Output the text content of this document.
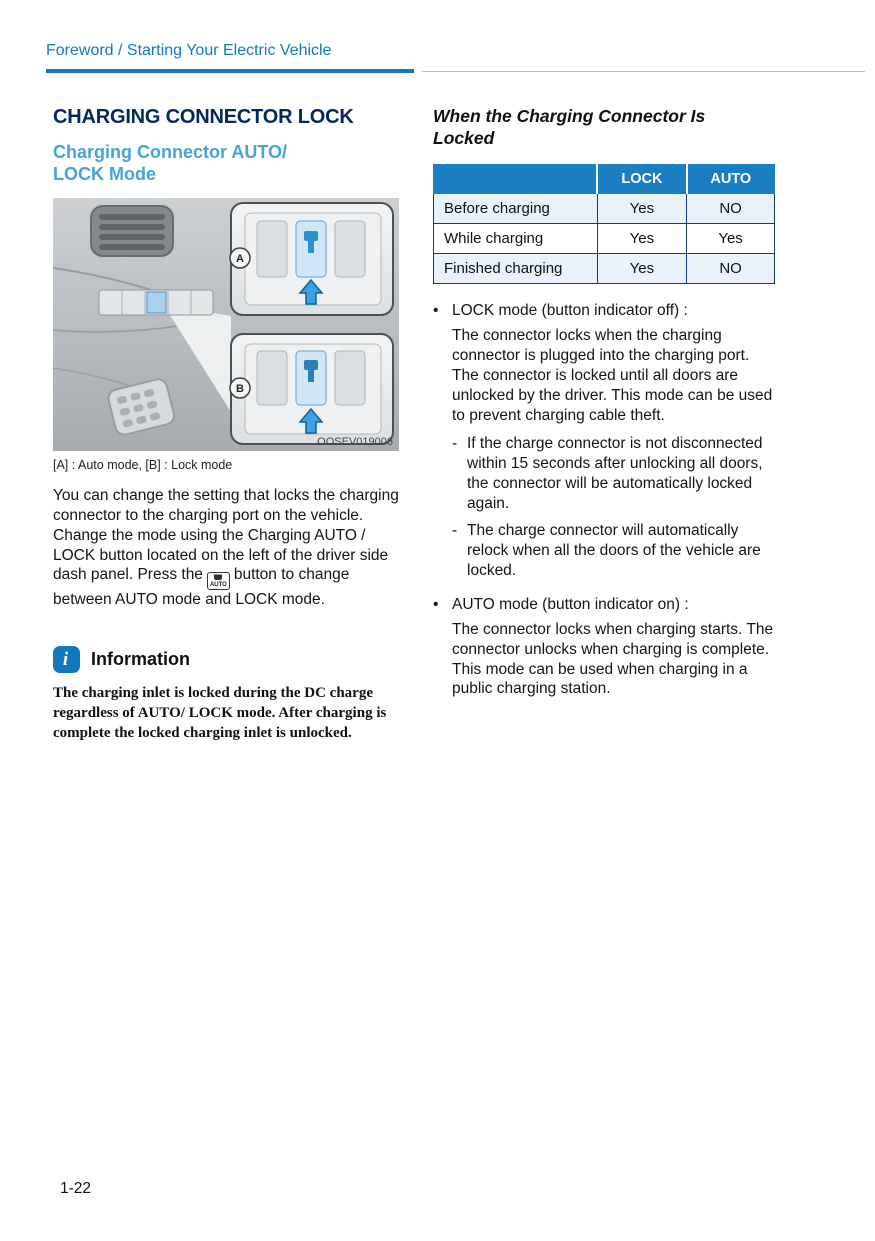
Foreword / Starting Your Electric Vehicle
CHARGING CONNECTOR LOCK
Charging Connector AUTO/
LOCK Mode
A
B
OOSEV019006
[A] : Auto mode, [B] : Lock mode

You can change the setting that locks the charging connector to the charging port on the vehicle. Change the mode using the Charging AUTO / LOCK button located on the left of the driver side dash panel. Press the
AUTO
button to change between AUTO mode and LOCK mode.

i	Information

The charging inlet is locked during the DC charge regardless of AUTO/ LOCK mode. After charging is complete the locked charging inlet is unlocked.

When the Charging Connector Is
Locked
	LOCK	AUTO
Before charging	Yes	NO
While charging	Yes	Yes
Finished charging	Yes	NO
• LOCK mode (button indicator off) :

The connector locks when the charging connector is plugged into the charging port. The connector is locked until all doors are unlocked by the driver. This mode can be used to prevent charging cable theft.

- If the charge connector is not disconnected within 15 seconds after unlocking all doors, the connector will be automatically locked again.

- The charge connector will automatically relock when all the doors of the vehicle are locked.

• AUTO mode (button indicator on) :

The connector locks when charging starts. The connector unlocks when charging is complete. This mode can be used when charging in a public charging station.

1-22
